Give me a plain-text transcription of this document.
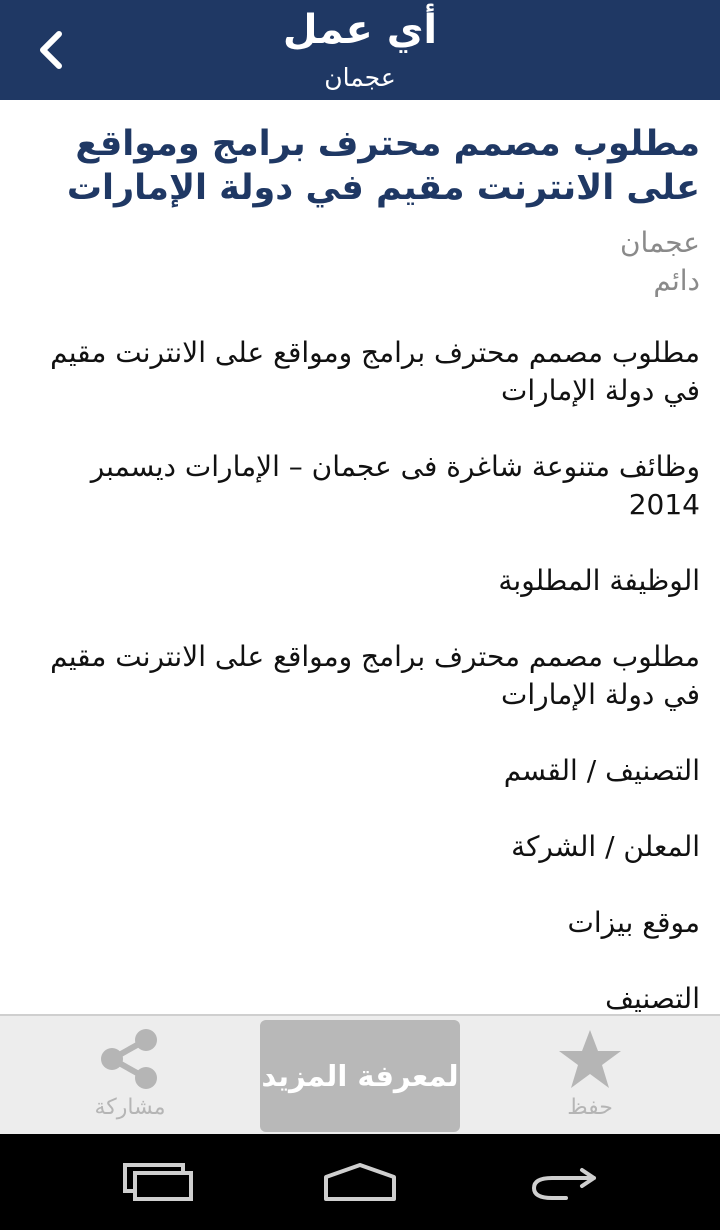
أي عمل
عجمان
مطلوب مصمم محترف برامج ومواقع على الانترنت مقيم في دولة الإمارات
عجمان
دائم

مطلوب مصمم محترف برامج ومواقع على الانترنت مقيم في دولة الإمارات

وظائف متنوعة شاغرة فى عجمان – الإمارات ديسمبر 2014

الوظيفة المطلوبة

مطلوب مصمم محترف برامج ومواقع على الانترنت مقيم في دولة الإمارات

التصنيف / القسم

المعلن / الشركة

موقع بيزات

التصنيف

مشاركة
لمعرفة المزيد
حفظ
